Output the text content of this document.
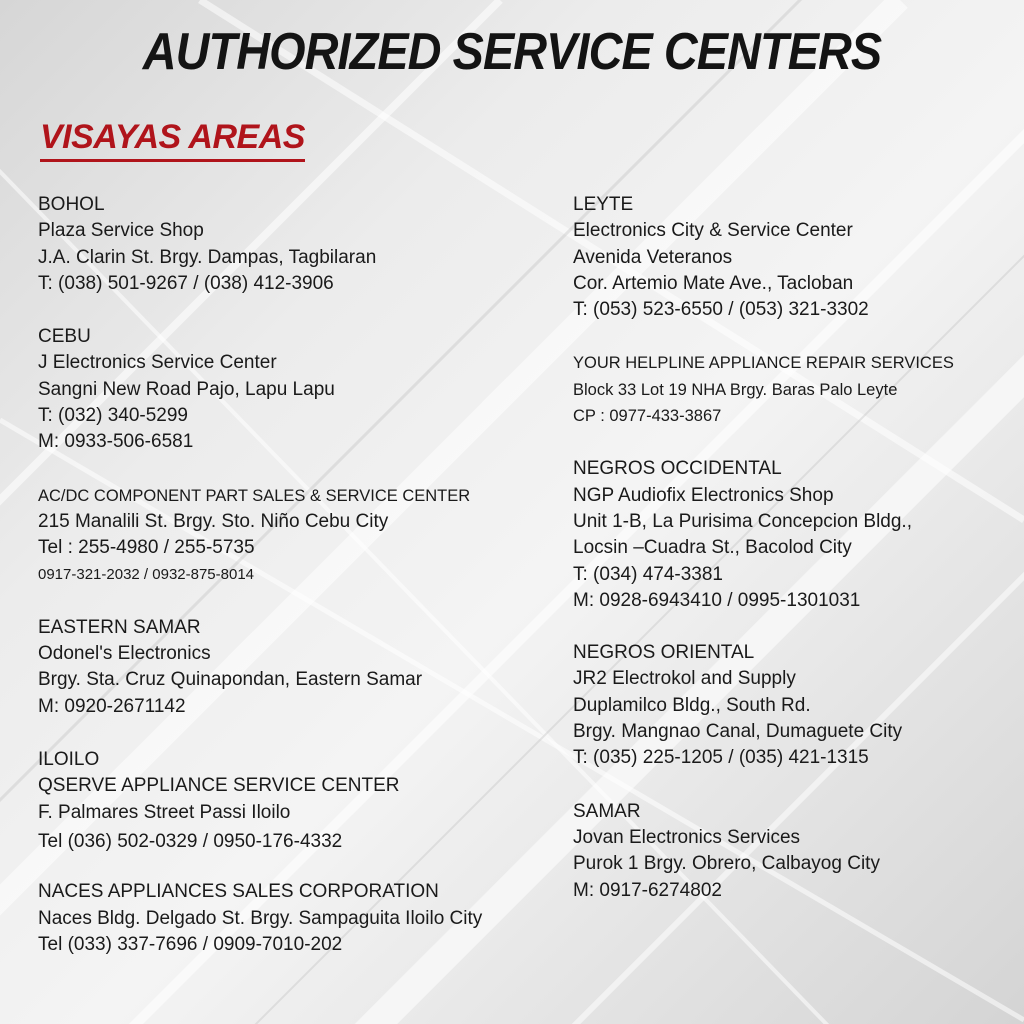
AUTHORIZED SERVICE CENTERS
VISAYAS AREAS
BOHOL
Plaza Service Shop
J.A. Clarin St. Brgy. Dampas, Tagbilaran
T: (038) 501-9267 / (038) 412-3906
CEBU
J Electronics Service Center
Sangni New Road Pajo, Lapu Lapu
T: (032) 340-5299
M: 0933-506-6581
AC/DC COMPONENT PART SALES & SERVICE CENTER
215 Manalili St. Brgy. Sto. Niño Cebu City
Tel : 255-4980 / 255-5735
0917-321-2032 / 0932-875-8014
EASTERN SAMAR
Odonel's Electronics
Brgy. Sta. Cruz Quinapondan, Eastern Samar
M: 0920-2671142
ILOILO
QSERVE APPLIANCE SERVICE CENTER
F. Palmares Street Passi Iloilo
Tel (036) 502-0329 / 0950-176-4332
NACES APPLIANCES SALES CORPORATION
Naces Bldg. Delgado St. Brgy. Sampaguita Iloilo City
Tel (033) 337-7696 / 0909-7010-202
LEYTE
Electronics City & Service Center
Avenida Veteranos
Cor. Artemio Mate Ave., Tacloban
T: (053) 523-6550 / (053) 321-3302
YOUR HELPLINE APPLIANCE REPAIR SERVICES
Block 33 Lot 19 NHA Brgy. Baras Palo Leyte
CP : 0977-433-3867
NEGROS OCCIDENTAL
NGP Audiofix Electronics Shop
Unit 1-B, La Purisima Concepcion Bldg.,
Locsin –Cuadra St., Bacolod City
T: (034) 474-3381
M: 0928-6943410 / 0995-1301031
NEGROS ORIENTAL
JR2 Electrokol and Supply
Duplamilco Bldg., South Rd.
Brgy. Mangnao Canal, Dumaguete City
T: (035) 225-1205 / (035) 421-1315
SAMAR
Jovan Electronics Services
Purok 1 Brgy. Obrero, Calbayog City
M: 0917-6274802
